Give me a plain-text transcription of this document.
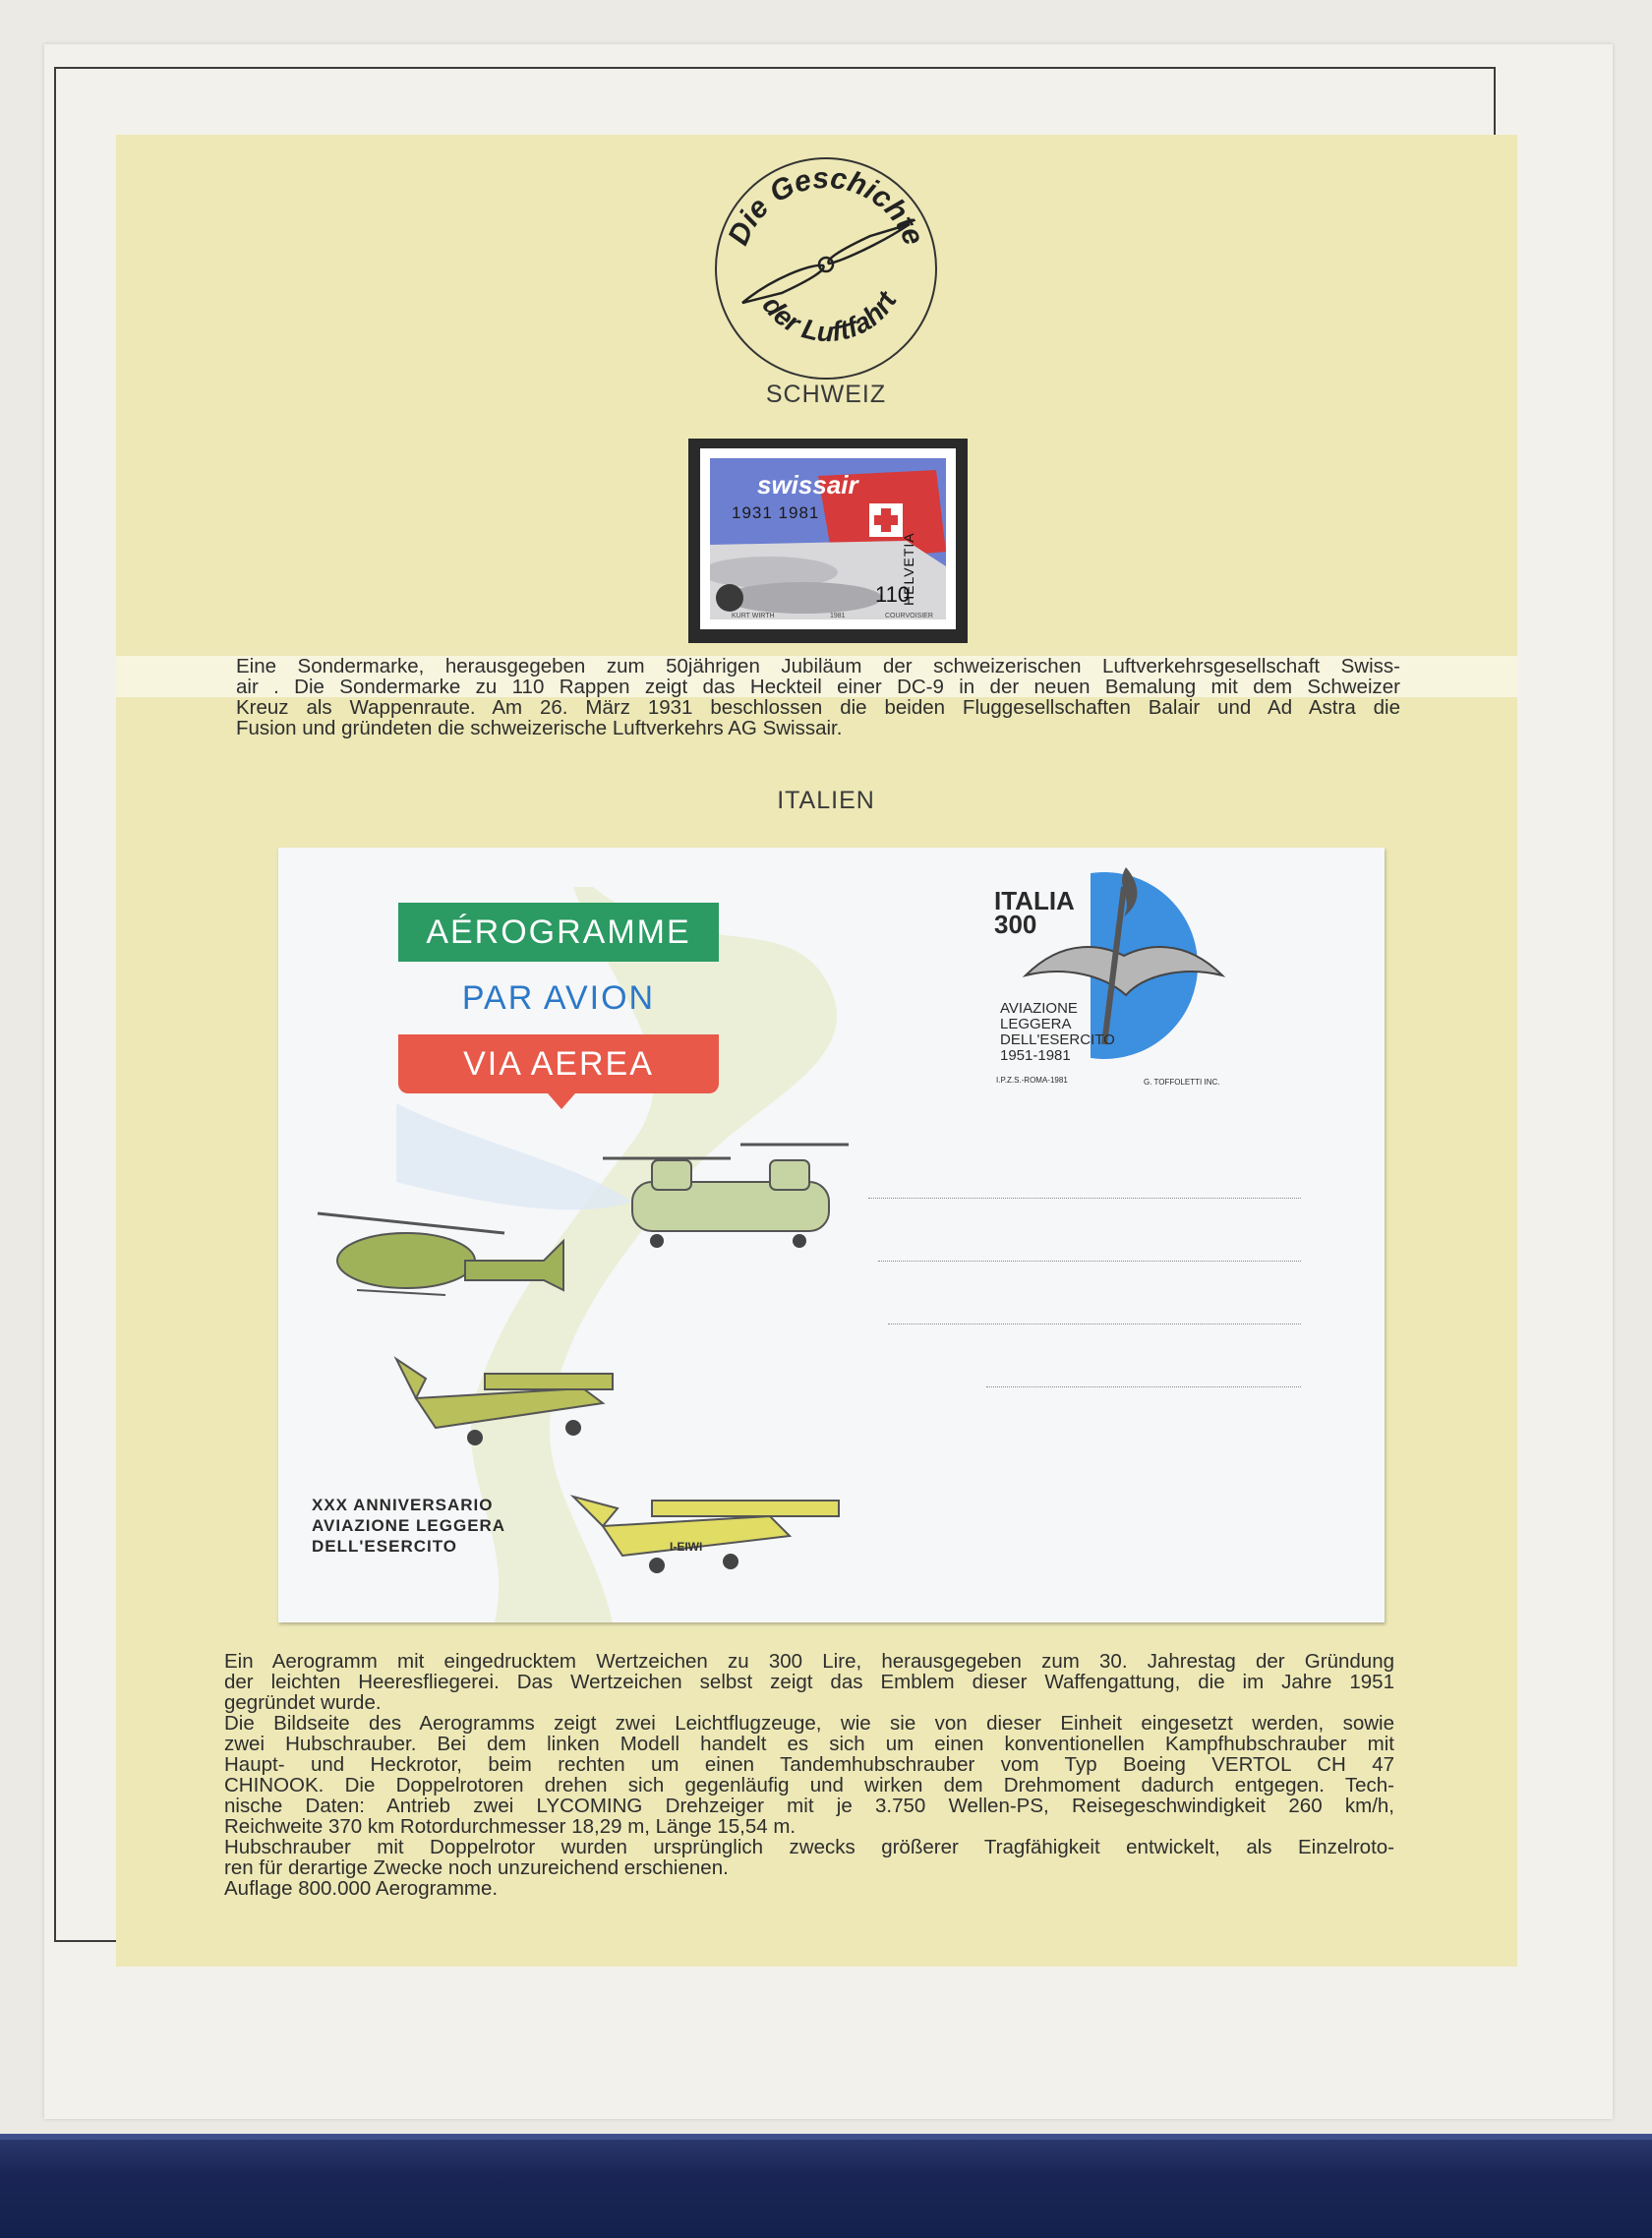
Die Geschichte
der Luftfahrt
SCHWEIZ
swissair
1931 1981
110
HELVETIA
KURT WIRTH	1981	COURVOISIER
Eine Sondermarke, herausgegeben zum 50jährigen Jubiläum der schweizerischen Luftverkehrsgesellschaft Swiss-
air . Die Sondermarke zu 110 Rappen zeigt das Heckteil einer DC-9 in der neuen Bemalung mit dem Schweizer
Kreuz als Wappenraute. Am 26. März 1931 beschlossen die beiden Fluggesellschaften Balair und Ad Astra die
Fusion und gründeten die schweizerische Luftverkehrs AG Swissair.
ITALIEN
AÉROGRAMME
PAR AVION
VIA AEREA
ITALIA
300
AVIAZIONE
LEGGERA
DELL'ESERCITO
1951-1981
I.P.Z.S.-ROMA-1981	G. TOFFOLETTI INC.
XXX ANNIVERSARIO
AVIAZIONE LEGGERA
DELL'ESERCITO	I-EIWI
Ein Aerogramm mit eingedrucktem Wertzeichen zu 300 Lire, herausgegeben zum 30. Jahrestag der Gründung
der leichten Heeresfliegerei. Das Wertzeichen selbst zeigt das Emblem dieser Waffengattung, die im Jahre 1951
gegründet wurde.
Die Bildseite des Aerogramms zeigt zwei Leichtflugzeuge, wie sie von dieser Einheit eingesetzt werden, sowie
zwei Hubschrauber. Bei dem linken Modell handelt es sich um einen konventionellen Kampfhubschrauber mit
Haupt- und Heckrotor, beim rechten um einen Tandemhubschrauber vom Typ Boeing VERTOL CH 47
CHINOOK. Die Doppelrotoren drehen sich gegenläufig und wirken dem Drehmoment dadurch entgegen. Tech-
nische Daten: Antrieb zwei LYCOMING Drehzeiger mit je 3.750 Wellen-PS, Reisegeschwindigkeit 260 km/h,
Reichweite 370 km Rotordurchmesser 18,29 m, Länge 15,54 m.
Hubschrauber mit Doppelrotor wurden ursprünglich zwecks größerer Tragfähigkeit entwickelt, als Einzelroto-
ren für derartige Zwecke noch unzureichend erschienen.
Auflage 800.000 Aerogramme.
